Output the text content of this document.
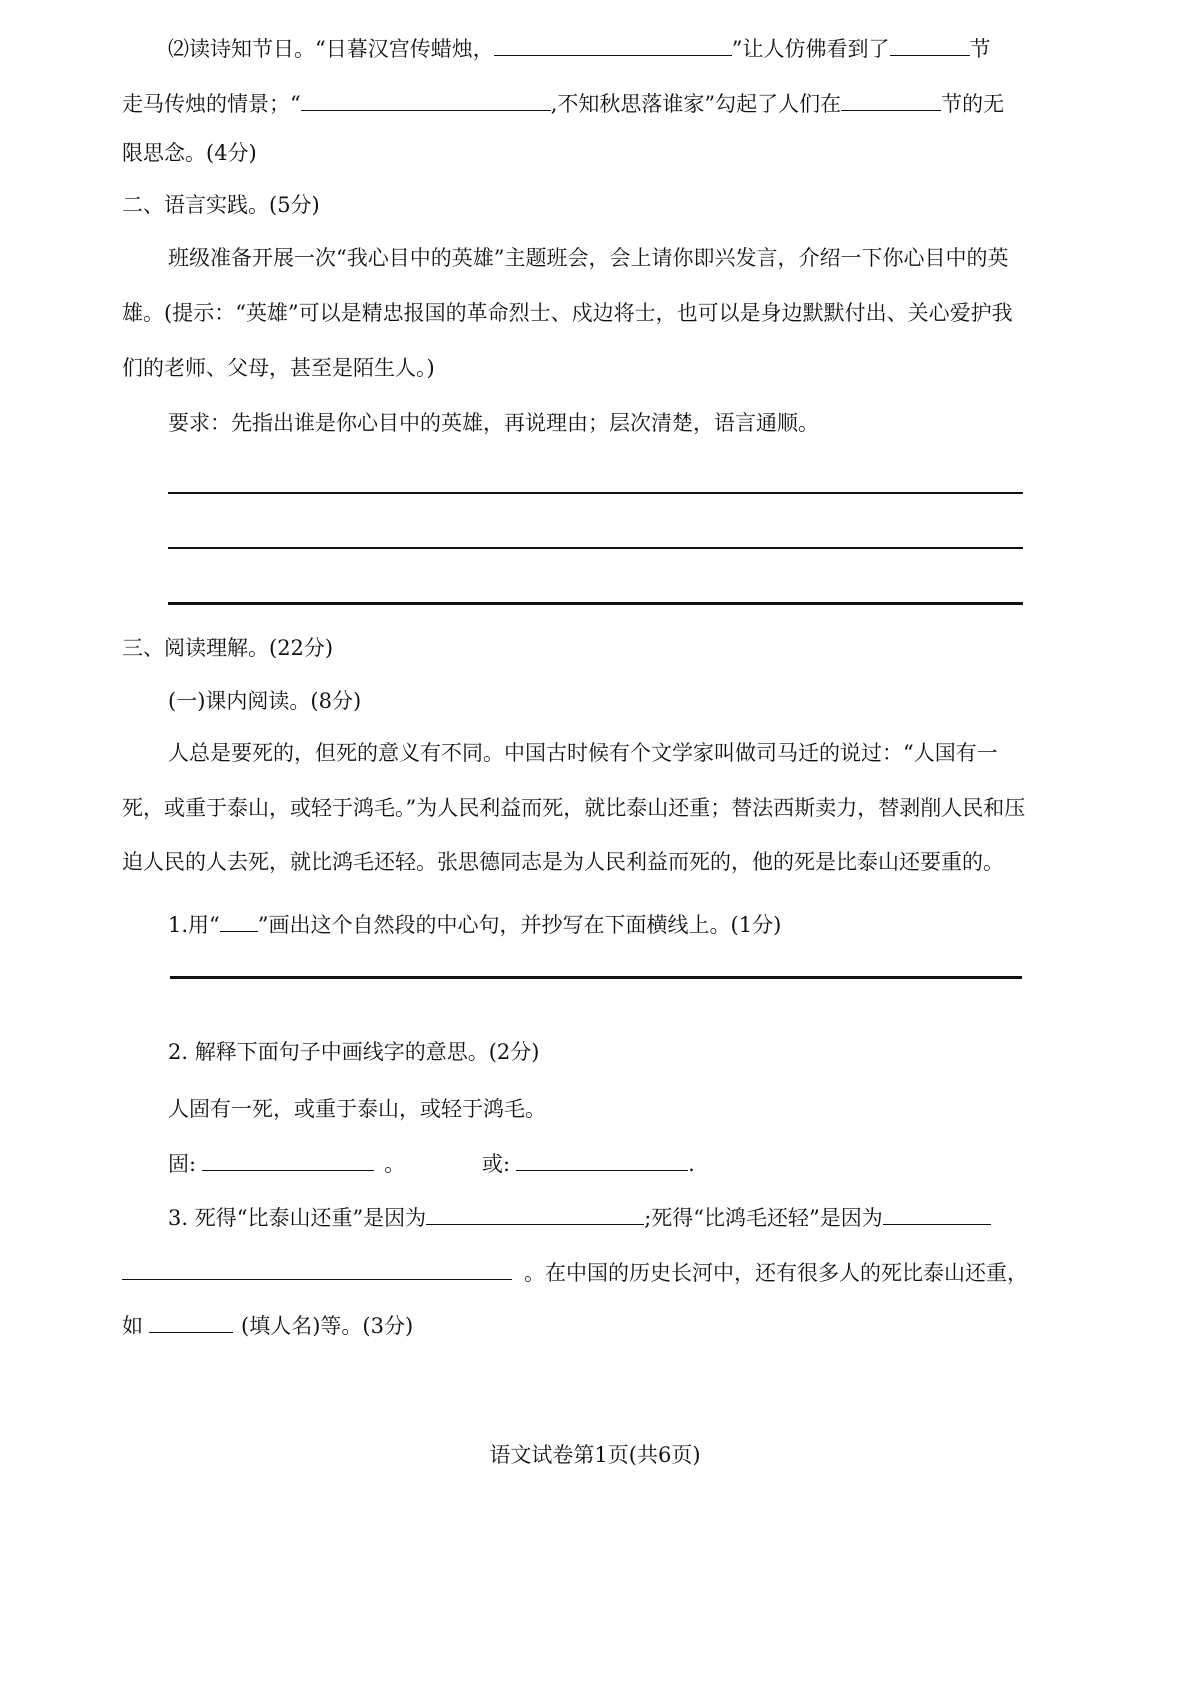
⑵读诗知节日。“日暮汉宫传蜡烛，	”让人仿佛看到了	节
走马传烛的情景；“	,不知秋思落谁家”勾起了人们在	节的无
限思念。(4分)
二、语言实践。(5分)
班级准备开展一次“我心目中的英雄”主题班会，会上请你即兴发言，介绍一下你心目中的英
雄。(提示：“英雄”可以是精忠报国的革命烈士、戍边将士，也可以是身边默默付出、关心爱护我
们的老师、父母，甚至是陌生人。)
要求：先指出谁是你心目中的英雄，再说理由；层次清楚，语言通顺。
三、阅读理解。(22分)
(一)课内阅读。(8分)
人总是要死的，但死的意义有不同。中国古时候有个文学家叫做司马迁的说过：“人国有一
死，或重于泰山，或轻于鸿毛。”为人民利益而死，就比泰山还重；替法西斯卖力，替剥削人民和压
迫人民的人去死，就比鸿毛还轻。张思德同志是为人民利益而死的，他的死是比泰山还要重的。
1.用“ ”画出这个自然段的中心句，并抄写在下面横线上。(1分)
2. 解释下面句子中画线字的意思。(2分)
人固有一死，或重于泰山，或轻于鸿毛。
固:	。	或:	.
3. 死得“比泰山还重”是因为	;死得“比鸿毛还轻”是因为
。在中国的历史长河中，还有很多人的死比泰山还重，
如	(填人名)等。(3分)
语文试卷第1页(共6页)
